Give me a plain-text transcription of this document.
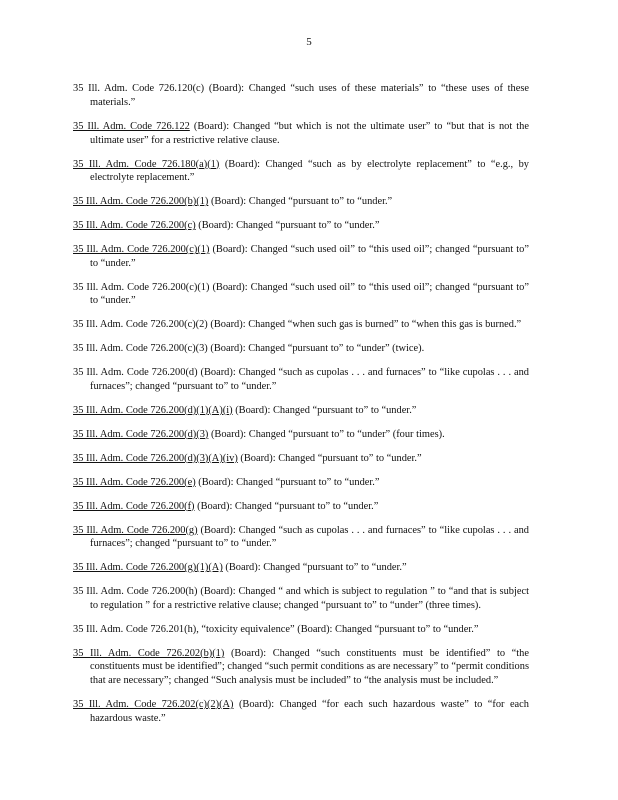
5

35 Ill. Adm. Code 726.120(c) (Board): Changed “such uses of these materials” to “these uses of these materials.”

35 Ill. Adm. Code 726.122 (Board): Changed “but which is not the ultimate user” to “but that is not the ultimate user” for a restrictive relative clause.

35 Ill. Adm. Code 726.180(a)(1) (Board): Changed “such as by electrolyte replacement” to “e.g., by electrolyte replacement.”

35 Ill. Adm. Code 726.200(b)(1) (Board): Changed “pursuant to” to “under.”

35 Ill. Adm. Code 726.200(c) (Board): Changed “pursuant to” to “under.”

35 Ill. Adm. Code 726.200(c)(1) (Board): Changed “such used oil” to “this used oil”; changed “pursuant to” to “under.”

35 Ill. Adm. Code 726.200(c)(1) (Board): Changed “such used oil” to “this used oil”; changed “pursuant to” to “under.”

35 Ill. Adm. Code 726.200(c)(2) (Board): Changed “when such gas is burned” to “when this gas is burned.”

35 Ill. Adm. Code 726.200(c)(3) (Board): Changed “pursuant to” to “under” (twice).

35 Ill. Adm. Code 726.200(d) (Board): Changed “such as cupolas . . . and furnaces” to “like cupolas . . . and furnaces”; changed “pursuant to” to “under.”

35 Ill. Adm. Code 726.200(d)(1)(A)(i) (Board): Changed “pursuant to” to “under.”

35 Ill. Adm. Code 726.200(d)(3) (Board): Changed “pursuant to” to “under” (four times).

35 Ill. Adm. Code 726.200(d)(3)(A)(iv) (Board): Changed “pursuant to” to “under.”

35 Ill. Adm. Code 726.200(e) (Board): Changed “pursuant to” to “under.”

35 Ill. Adm. Code 726.200(f) (Board): Changed “pursuant to” to “under.”

35 Ill. Adm. Code 726.200(g) (Board): Changed “such as cupolas . . . and furnaces” to “like cupolas . . . and furnaces”; changed “pursuant to” to “under.”

35 Ill. Adm. Code 726.200(g)(1)(A) (Board): Changed “pursuant to” to “under.”

35 Ill. Adm. Code 726.200(h) (Board): Changed “ and which is subject to regulation ” to “and that is subject to regulation ” for a restrictive relative clause; changed “pursuant to” to “under” (three times).

35 Ill. Adm. Code 726.201(h), “toxicity equivalence” (Board): Changed “pursuant to” to “under.”

35 Ill. Adm. Code 726.202(b)(1) (Board): Changed “such constituents must be identified” to “the constituents must be identified”; changed “such permit conditions as are necessary” to “permit conditions that are necessary”; changed “Such analysis must be included” to “the analysis must be included.”

35 Ill. Adm. Code 726.202(c)(2)(A) (Board): Changed “for each such hazardous waste” to “for each hazardous waste.”
